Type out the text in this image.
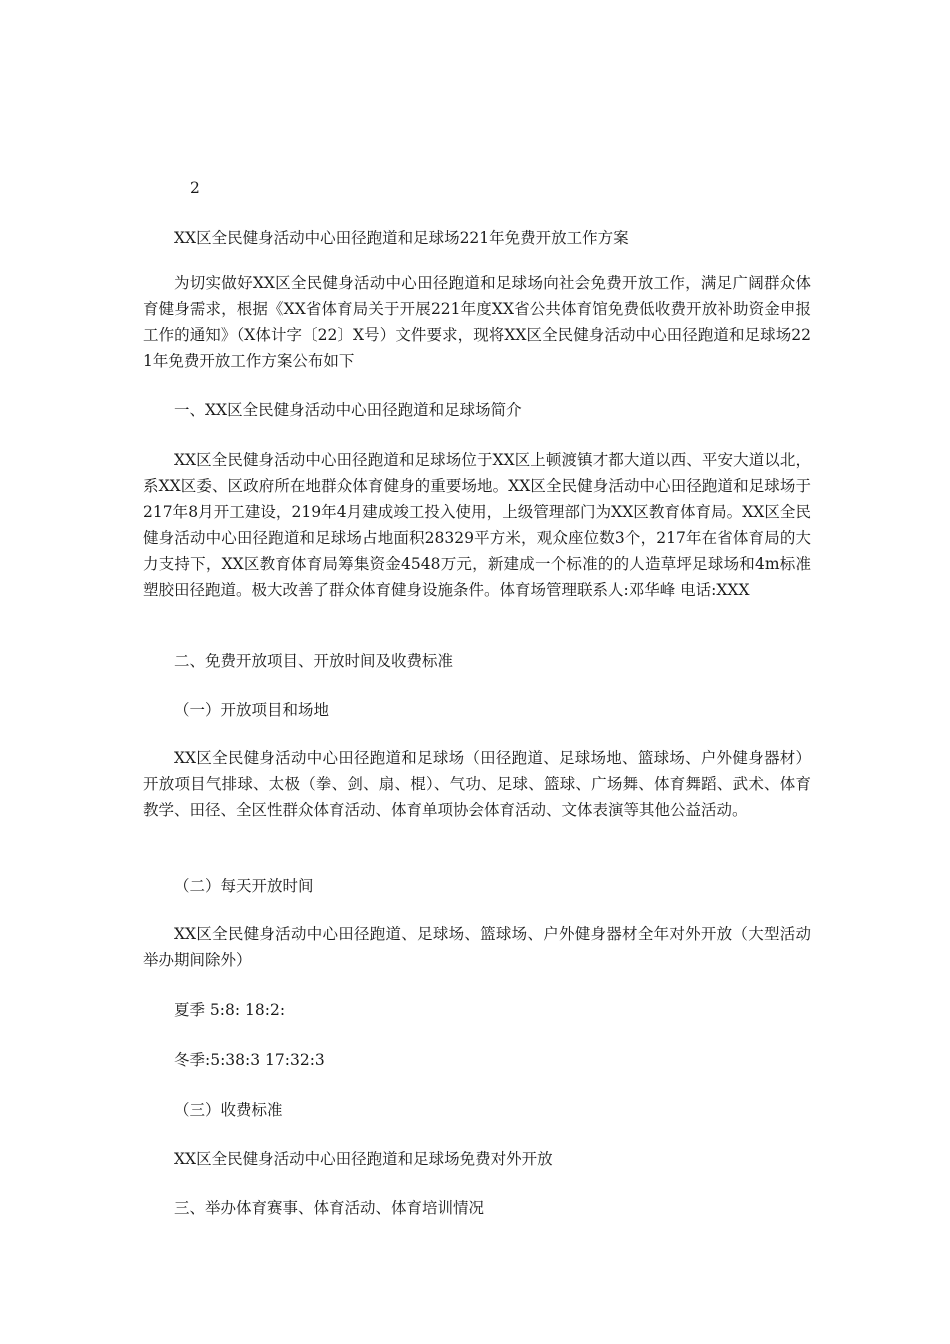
2
XX区全民健身活动中心田径跑道和足球场221年免费开放工作方案
为切实做好XX区全民健身活动中心田径跑道和足球场向社会免费开放工作，满足广阔群众体育健身需求，根据《XX省体育局关于开展221年度XX省公共体育馆免费低收费开放补助资金申报工作的通知》（X体计字〔22〕X号）文件要求，现将XX区全民健身活动中心田径跑道和足球场221年免费开放工作方案公布如下
一、XX区全民健身活动中心田径跑道和足球场简介
XX区全民健身活动中心田径跑道和足球场位于XX区上顿渡镇才都大道以西、平安大道以北，系XX区委、区政府所在地群众体育健身的重要场地。XX区全民健身活动中心田径跑道和足球场于217年8月开工建设，219年4月建成竣工投入使用，上级管理部门为XX区教育体育局。XX区全民健身活动中心田径跑道和足球场占地面积28329平方米，观众座位数3个，217年在省体育局的大力支持下，XX区教育体育局筹集资金4548万元，新建成一个标准的的人造草坪足球场和4m标准塑胶田径跑道。极大改善了群众体育健身设施条件。体育场管理联系人:邓华峰 电话:XXX
二、免费开放项目、开放时间及收费标准
（一）开放项目和场地
XX区全民健身活动中心田径跑道和足球场（田径跑道、足球场地、篮球场、户外健身器材）开放项目气排球、太极（拳、剑、扇、棍）、气功、足球、篮球、广场舞、体育舞蹈、武术、体育教学、田径、全区性群众体育活动、体育单项协会体育活动、文体表演等其他公益活动。
（二）每天开放时间
XX区全民健身活动中心田径跑道、足球场、篮球场、户外健身器材全年对外开放（大型活动举办期间除外）
夏季 5:8: 18:2:
冬季:5:38:3 17:32:3
（三）收费标准
XX区全民健身活动中心田径跑道和足球场免费对外开放
三、举办体育赛事、体育活动、体育培训情况
